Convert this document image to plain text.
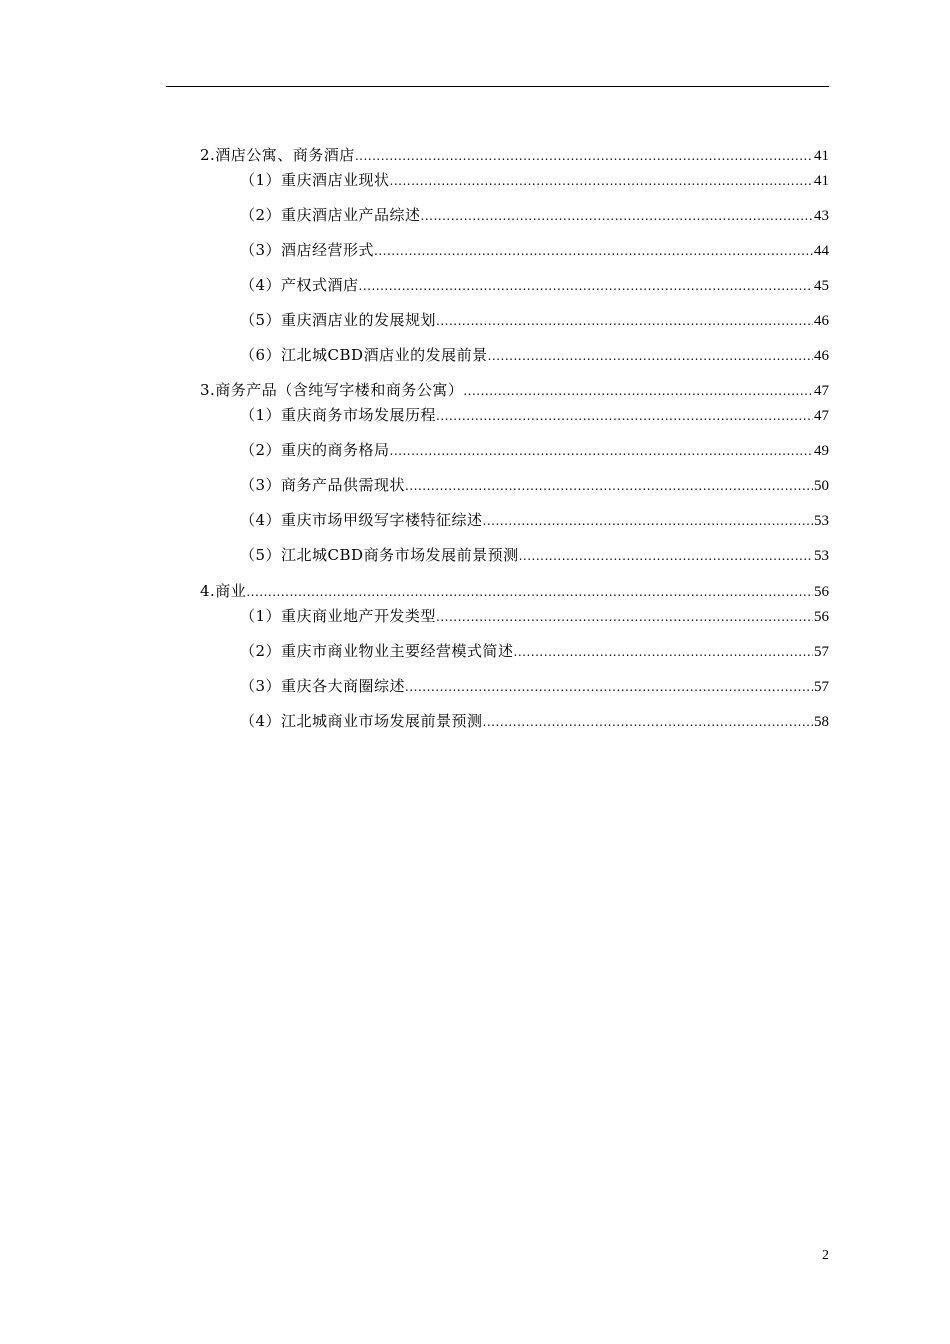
2.酒店公寓、商务酒店 .....	41
（1）重庆酒店业现状 .....	41
（2）重庆酒店业产品综述 .....	43
（3）酒店经营形式 .....	44
（4）产权式酒店 .....	45
（5）重庆酒店业的发展规划 .....	46
（6）江北城CBD酒店业的发展前景 .....	46
3.商务产品（含纯写字楼和商务公寓） .....	47
（1）重庆商务市场发展历程 .....	47
（2）重庆的商务格局 .....	49
（3）商务产品供需现状 .....	50
（4）重庆市场甲级写字楼特征综述 .....	53
（5）江北城CBD商务市场发展前景预测 .....	53
4.商业 .....	56
（1）重庆商业地产开发类型 .....	56
（2）重庆市商业物业主要经营模式简述 .....	57
（3）重庆各大商圈综述 .....	57
（4）江北城商业市场发展前景预测 .....	58
2
